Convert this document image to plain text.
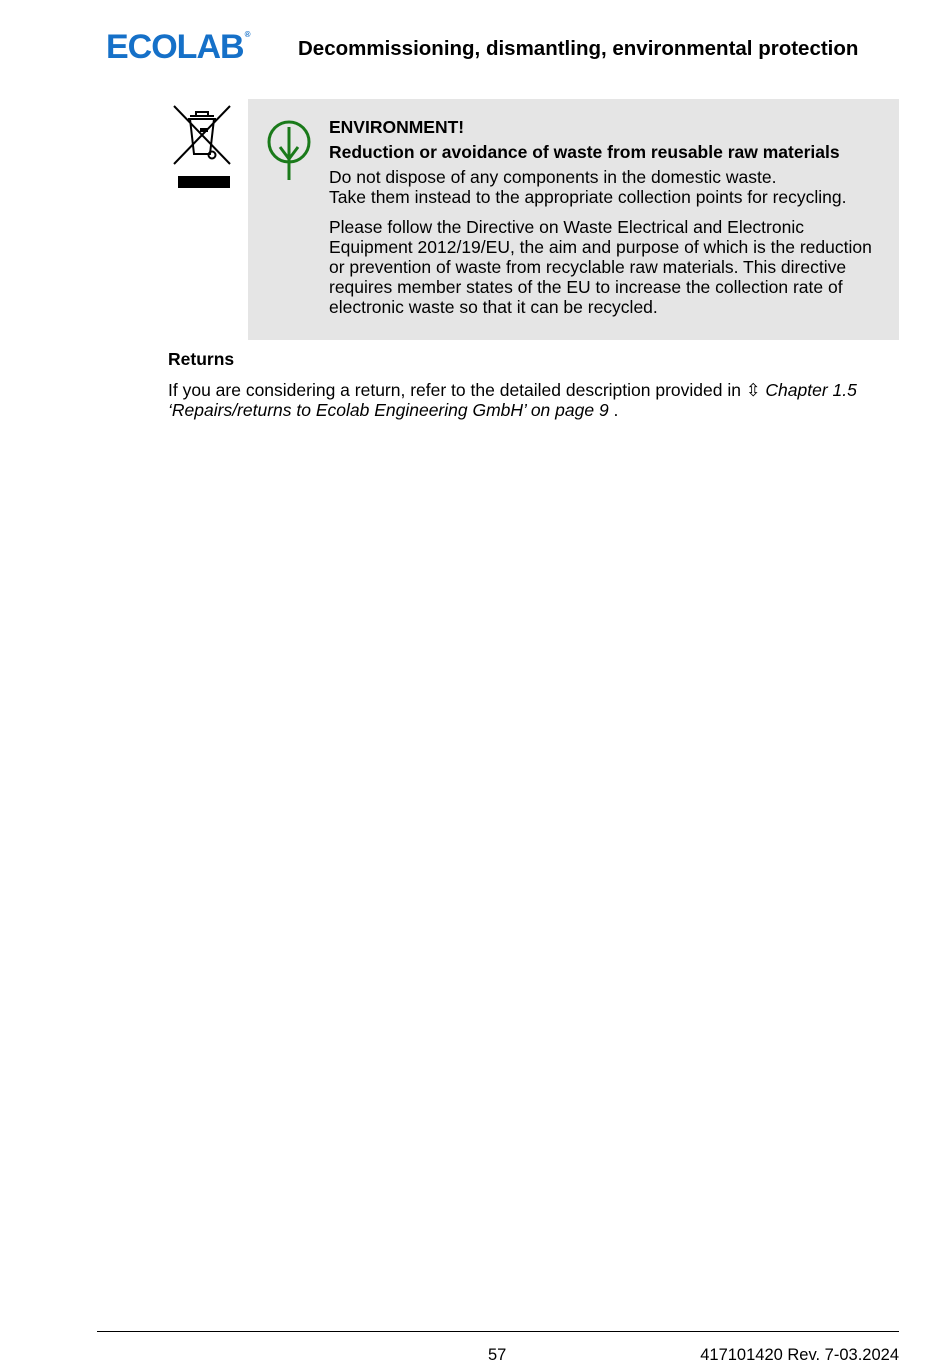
ECOLAB ®
Decommissioning, dismantling, environmental protection

ENVIRONMENT!

Reduction or avoidance of waste from reusable raw materials

Do not dispose of any components in the domestic waste.

Take them instead to the appropriate collection points for recycling.

Please follow the Directive on Waste Electrical and Electronic Equipment 2012/19/EU, the aim and purpose of which is the reduction or prevention of waste from recyclable raw materials. This directive requires member states of the EU to increase the collection rate of electronic waste so that it can be recycled.

Returns
If you are considering a return, refer to the detailed description provided in ⇳ Chapter 1.5 ‘Repairs/returns to Ecolab Engineering GmbH’ on page 9 .
57	417101420 Rev. 7-03.2024
